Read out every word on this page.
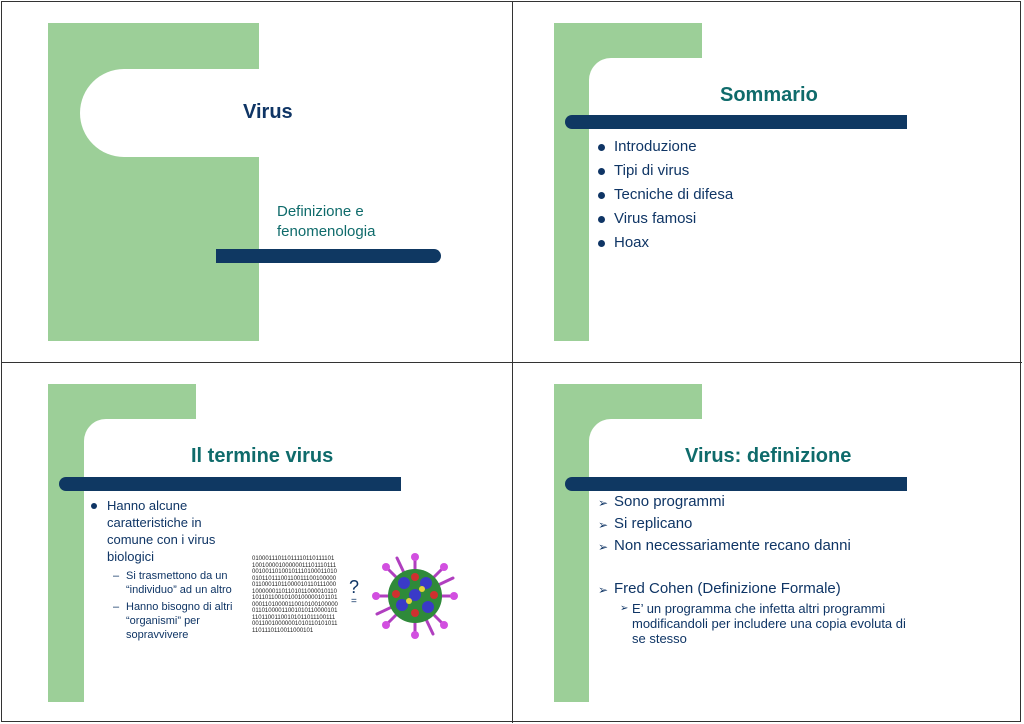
Virus
Definizione e
fenomenologia
Sommario
Introduzione
Tipi di virus
Tecniche di difesa
Virus famosi
Hoax
Il termine virus
Hanno alcune
caratteristiche in
comune con i virus
biologici
– Si trasmettono da un
“individuo” ad un altro
– Hanno bisogno di altri
“organismi” per
sopravvivere
01000111011011110110111101
10010000100000011101110111
00100110100101110100011010
01011011100110011100100000
01100011011000010110111000
10000001101101011000010110
10110110010100100000101101
00011010000110010100100000
01101000011001010110000101
11011001100101011011100111
00110010000001010110101011
1101110110011000101
?
=
Virus: definizione
➢ Sono programmi
➢ Si replicano
➢ Non necessariamente recano danni
➢ Fred Cohen (Definizione Formale)
➢ E’ un programma che infetta altri programmi
modificandoli per includere una copia evoluta di
se stesso
